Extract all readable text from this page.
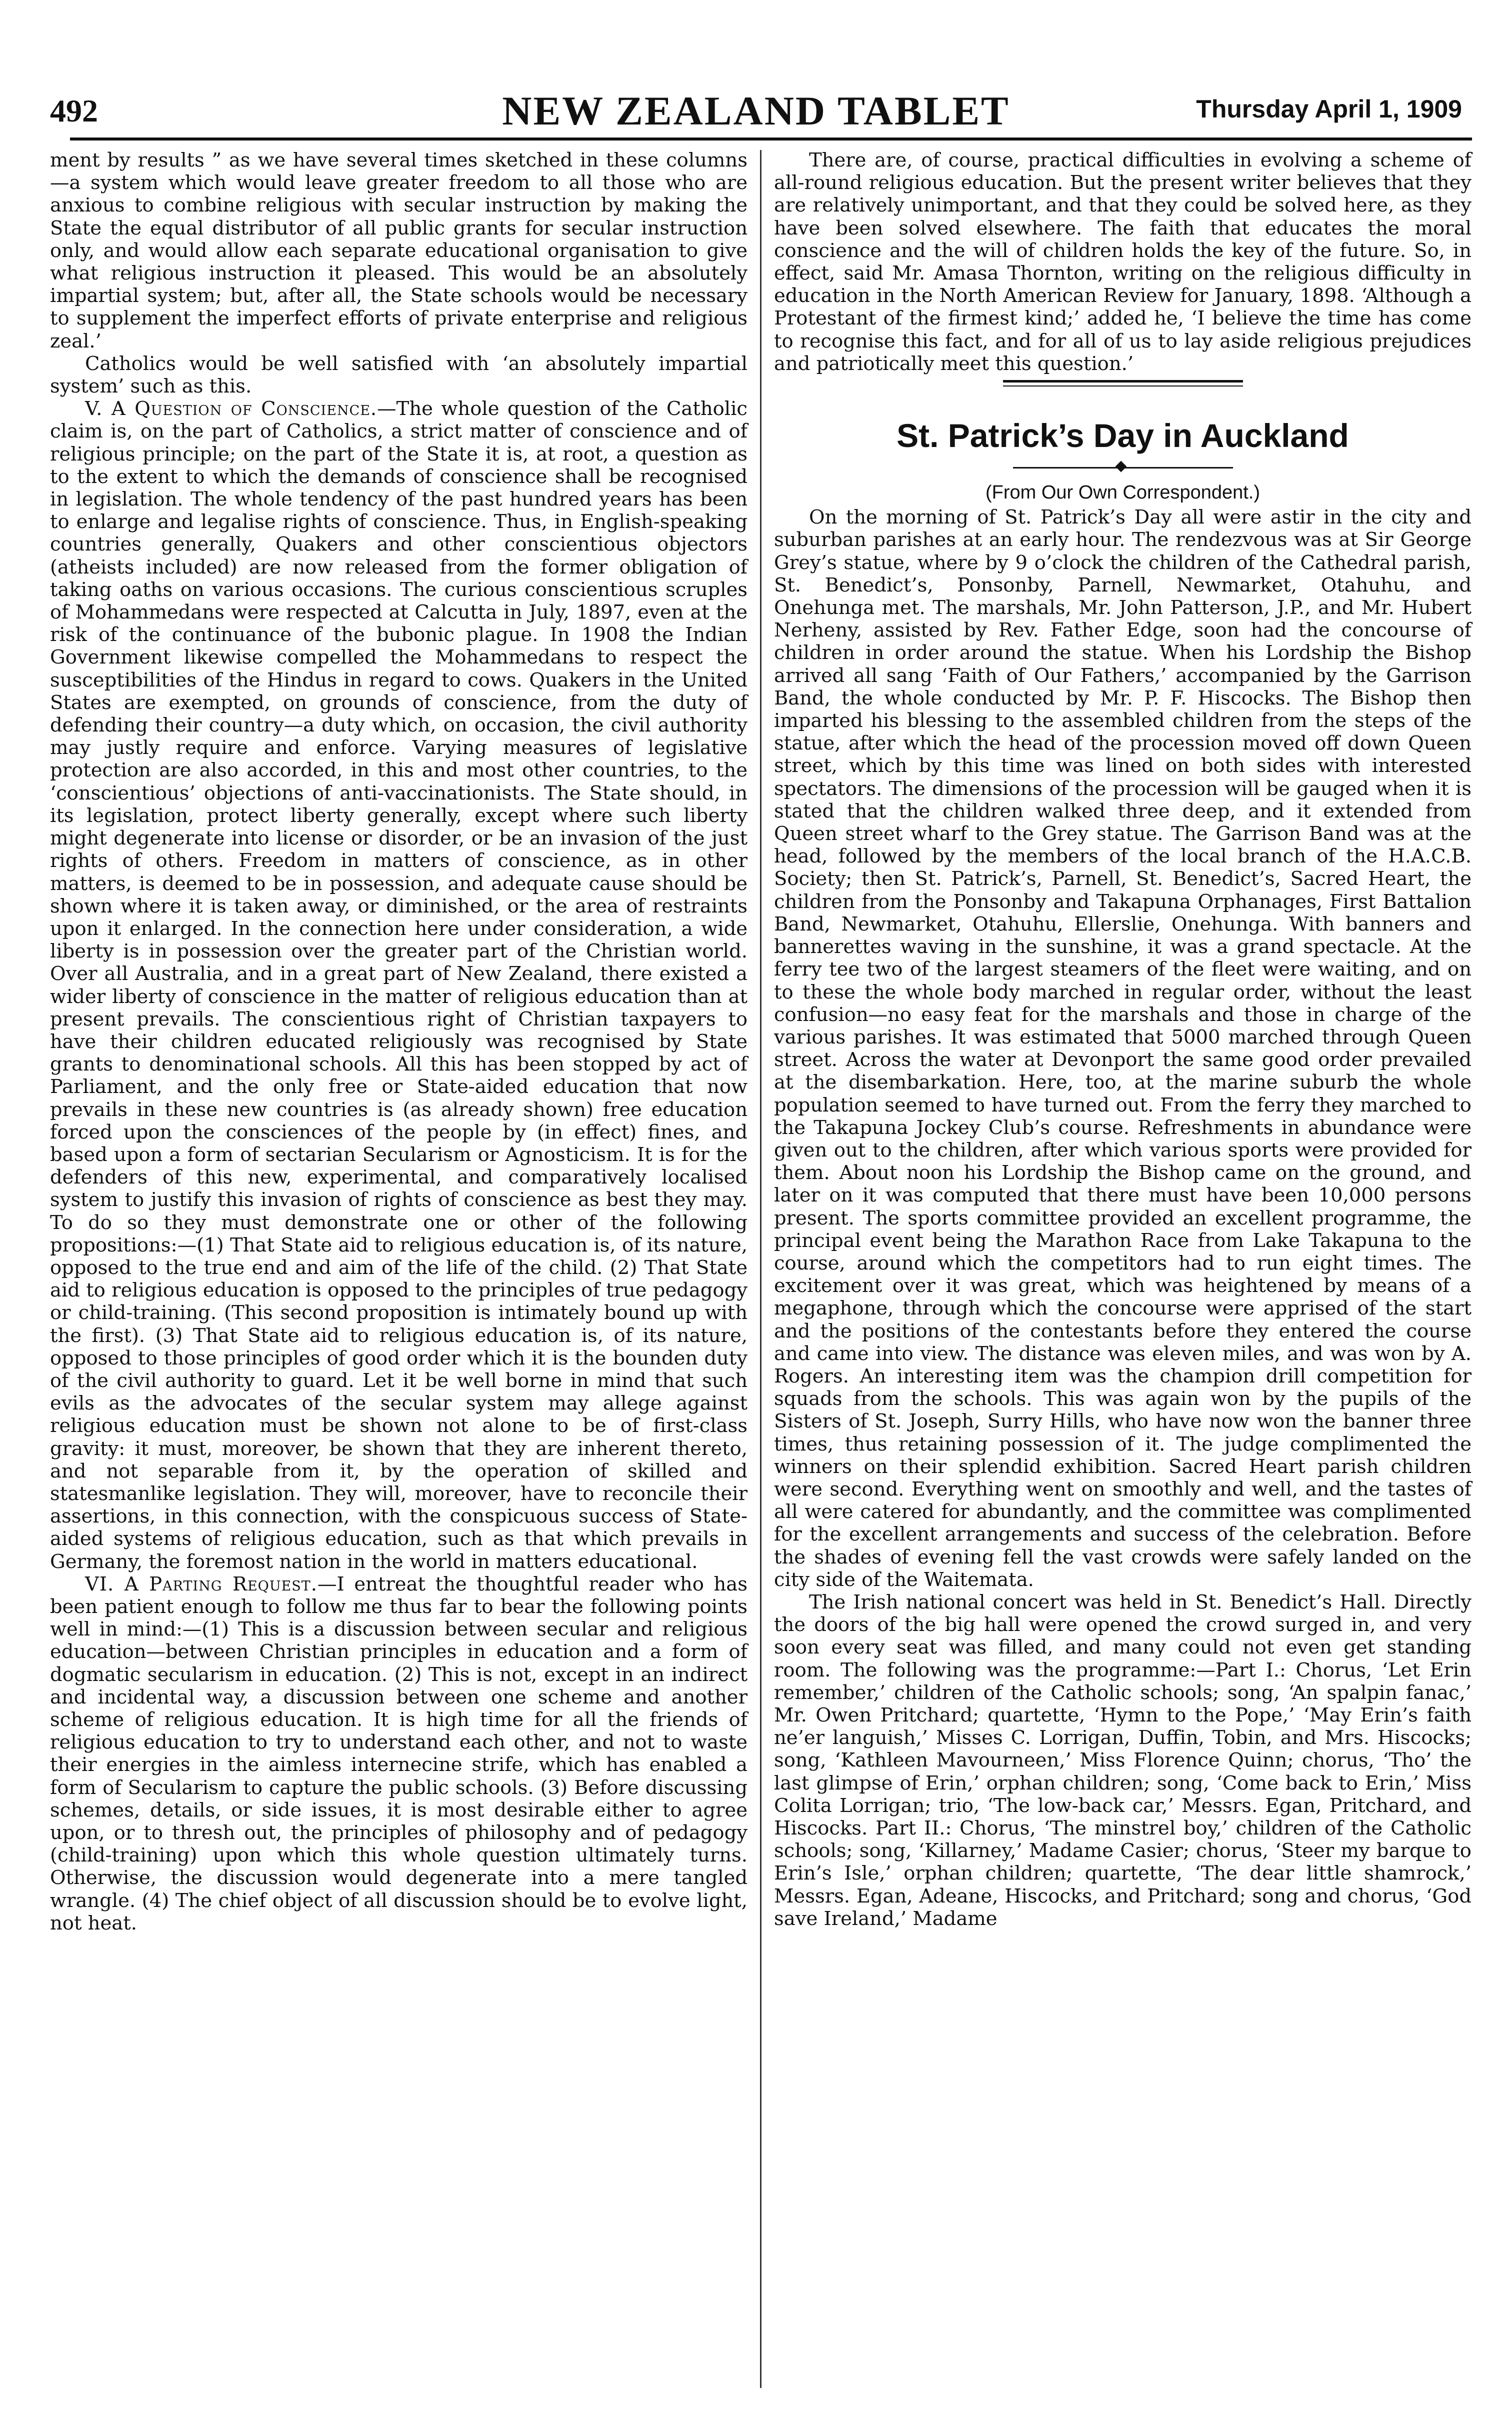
492	NEW ZEALAND TABLET	Thursday April 1, 1909

ment by results ” as we have several times sketched in these columns—a system which would leave greater freedom to all those who are anxious to combine religious with secular instruction by making the State the equal distributor of all public grants for secular instruction only, and would allow each separate educational organisation to give what religious instruction it pleased. This would be an absolutely impartial system; but, after all, the State schools would be necessary to supplement the imperfect efforts of private enterprise and religious zeal.’

Catholics would be well satisfied with ‘an absolutely impartial system’ such as this.

V. A Question of Conscience.—The whole question of the Catholic claim is, on the part of Catholics, a strict matter of conscience and of religious principle; on the part of the State it is, at root, a question as to the extent to which the demands of conscience shall be recognised in legislation. The whole tendency of the past hundred years has been to enlarge and legalise rights of conscience. Thus, in English-speaking countries generally, Quakers and other conscientious objectors (atheists included) are now released from the former obligation of taking oaths on various occasions. The curious conscientious scruples of Mohammedans were respected at Calcutta in July, 1897, even at the risk of the continuance of the bubonic plague. In 1908 the Indian Government likewise compelled the Mohammedans to respect the susceptibilities of the Hindus in regard to cows. Quakers in the United States are exempted, on grounds of conscience, from the duty of defending their country—a duty which, on occasion, the civil authority may justly require and enforce. Varying measures of legislative protection are also accorded, in this and most other countries, to the ‘conscientious’ objections of anti-vaccinationists. The State should, in its legislation, protect liberty generally, except where such liberty might degenerate into license or disorder, or be an invasion of the just rights of others. Freedom in matters of conscience, as in other matters, is deemed to be in possession, and adequate cause should be shown where it is taken away, or diminished, or the area of restraints upon it enlarged. In the connection here under consideration, a wide liberty is in possession over the greater part of the Christian world. Over all Australia, and in a great part of New Zealand, there existed a wider liberty of conscience in the matter of religious education than at present prevails. The conscientious right of Christian taxpayers to have their children educated religiously was recognised by State grants to denominational schools. All this has been stopped by act of Parliament, and the only free or State-aided education that now prevails in these new countries is (as already shown) free education forced upon the consciences of the people by (in effect) fines, and based upon a form of sectarian Secularism or Agnosticism. It is for the defenders of this new, experimental, and comparatively localised system to justify this invasion of rights of conscience as best they may. To do so they must demonstrate one or other of the following propositions:—(1) That State aid to religious education is, of its nature, opposed to the true end and aim of the life of the child. (2) That State aid to religious education is opposed to the principles of true pedagogy or child-training. (This second proposition is intimately bound up with the first). (3) That State aid to religious education is, of its nature, opposed to those principles of good order which it is the bounden duty of the civil authority to guard. Let it be well borne in mind that such evils as the advocates of the secular system may allege against religious education must be shown not alone to be of first-class gravity: it must, moreover, be shown that they are inherent thereto, and not separable from it, by the operation of skilled and statesmanlike legislation. They will, moreover, have to reconcile their assertions, in this connection, with the conspicuous success of State-aided systems of religious education, such as that which prevails in Germany, the foremost nation in the world in matters educational.

VI. A Parting Request.—I entreat the thoughtful reader who has been patient enough to follow me thus far to bear the following points well in mind:—(1) This is a discussion between secular and religious education—between Christian principles in education and a form of dogmatic secularism in education. (2) This is not, except in an indirect and incidental way, a discussion between one scheme and another scheme of religious education. It is high time for all the friends of religious education to try to understand each other, and not to waste their energies in the aimless internecine strife, which has enabled a form of Secularism to capture the public schools. (3) Before discussing schemes, details, or side issues, it is most desirable either to agree upon, or to thresh out, the principles of philosophy and of pedagogy (child-training) upon which this whole question ultimately turns. Otherwise, the discussion would degenerate into a mere tangled wrangle. (4) The chief object of all discussion should be to evolve light, not heat.

There are, of course, practical difficulties in evolving a scheme of all-round religious education. But the present writer believes that they are relatively unimportant, and that they could be solved here, as they have been solved elsewhere. The faith that educates the moral conscience and the will of children holds the key of the future. So, in effect, said Mr. Amasa Thornton, writing on the religious difficulty in education in the North American Review for January, 1898. ‘Although a Protestant of the firmest kind;’ added he, ‘I believe the time has come to recognise this fact, and for all of us to lay aside religious prejudices and patriotically meet this question.’

St. Patrick’s Day in Auckland
(From Our Own Correspondent.)

On the morning of St. Patrick’s Day all were astir in the city and suburban parishes at an early hour. The rendezvous was at Sir George Grey’s statue, where by 9 o’clock the children of the Cathedral parish, St. Benedict’s, Ponsonby, Parnell, Newmarket, Otahuhu, and Onehunga met. The marshals, Mr. John Patterson, J.P., and Mr. Hubert Nerheny, assisted by Rev. Father Edge, soon had the concourse of children in order around the statue. When his Lordship the Bishop arrived all sang ‘Faith of Our Fathers,’ accompanied by the Garrison Band, the whole conducted by Mr. P. F. Hiscocks. The Bishop then imparted his blessing to the assembled children from the steps of the statue, after which the head of the procession moved off down Queen street, which by this time was lined on both sides with interested spectators. The dimensions of the procession will be gauged when it is stated that the children walked three deep, and it extended from Queen street wharf to the Grey statue. The Garrison Band was at the head, followed by the members of the local branch of the H.A.C.B. Society; then St. Patrick’s, Parnell, St. Benedict’s, Sacred Heart, the children from the Ponsonby and Takapuna Orphanages, First Battalion Band, Newmarket, Otahuhu, Ellerslie, Onehunga. With banners and bannerettes waving in the sunshine, it was a grand spectacle. At the ferry tee two of the largest steamers of the fleet were waiting, and on to these the whole body marched in regular order, without the least confusion—no easy feat for the marshals and those in charge of the various parishes. It was estimated that 5000 marched through Queen street. Across the water at Devonport the same good order prevailed at the disembarkation. Here, too, at the marine suburb the whole population seemed to have turned out. From the ferry they marched to the Takapuna Jockey Club’s course. Refreshments in abundance were given out to the children, after which various sports were provided for them. About noon his Lordship the Bishop came on the ground, and later on it was computed that there must have been 10,000 persons present. The sports committee provided an excellent programme, the principal event being the Marathon Race from Lake Takapuna to the course, around which the competitors had to run eight times. The excitement over it was great, which was heightened by means of a megaphone, through which the concourse were apprised of the start and the positions of the contestants before they entered the course and came into view. The distance was eleven miles, and was won by A. Rogers. An interesting item was the champion drill competition for squads from the schools. This was again won by the pupils of the Sisters of St. Joseph, Surry Hills, who have now won the banner three times, thus retaining possession of it. The judge complimented the winners on their splendid exhibition. Sacred Heart parish children were second. Everything went on smoothly and well, and the tastes of all were catered for abundantly, and the committee was complimented for the excellent arrangements and success of the celebration. Before the shades of evening fell the vast crowds were safely landed on the city side of the Waitemata.

The Irish national concert was held in St. Benedict’s Hall. Directly the doors of the big hall were opened the crowd surged in, and very soon every seat was filled, and many could not even get standing room. The following was the programme:—Part I.: Chorus, ‘Let Erin remember,’ children of the Catholic schools; song, ‘An spalpin fanac,’ Mr. Owen Pritchard; quartette, ‘Hymn to the Pope,’ ‘May Erin’s faith ne’er languish,’ Misses C. Lorrigan, Duffin, Tobin, and Mrs. Hiscocks; song, ‘Kathleen Mavourneen,’ Miss Florence Quinn; chorus, ‘Tho’ the last glimpse of Erin,’ orphan children; song, ‘Come back to Erin,’ Miss Colita Lorrigan; trio, ‘The low-back car,’ Messrs. Egan, Pritchard, and Hiscocks. Part II.: Chorus, ‘The minstrel boy,’ children of the Catholic schools; song, ‘Killarney,’ Madame Casier; chorus, ‘Steer my barque to Erin’s Isle,’ orphan children; quartette, ‘The dear little shamrock,’ Messrs. Egan, Adeane, Hiscocks, and Pritchard; song and chorus, ‘God save Ireland,’ Madame
